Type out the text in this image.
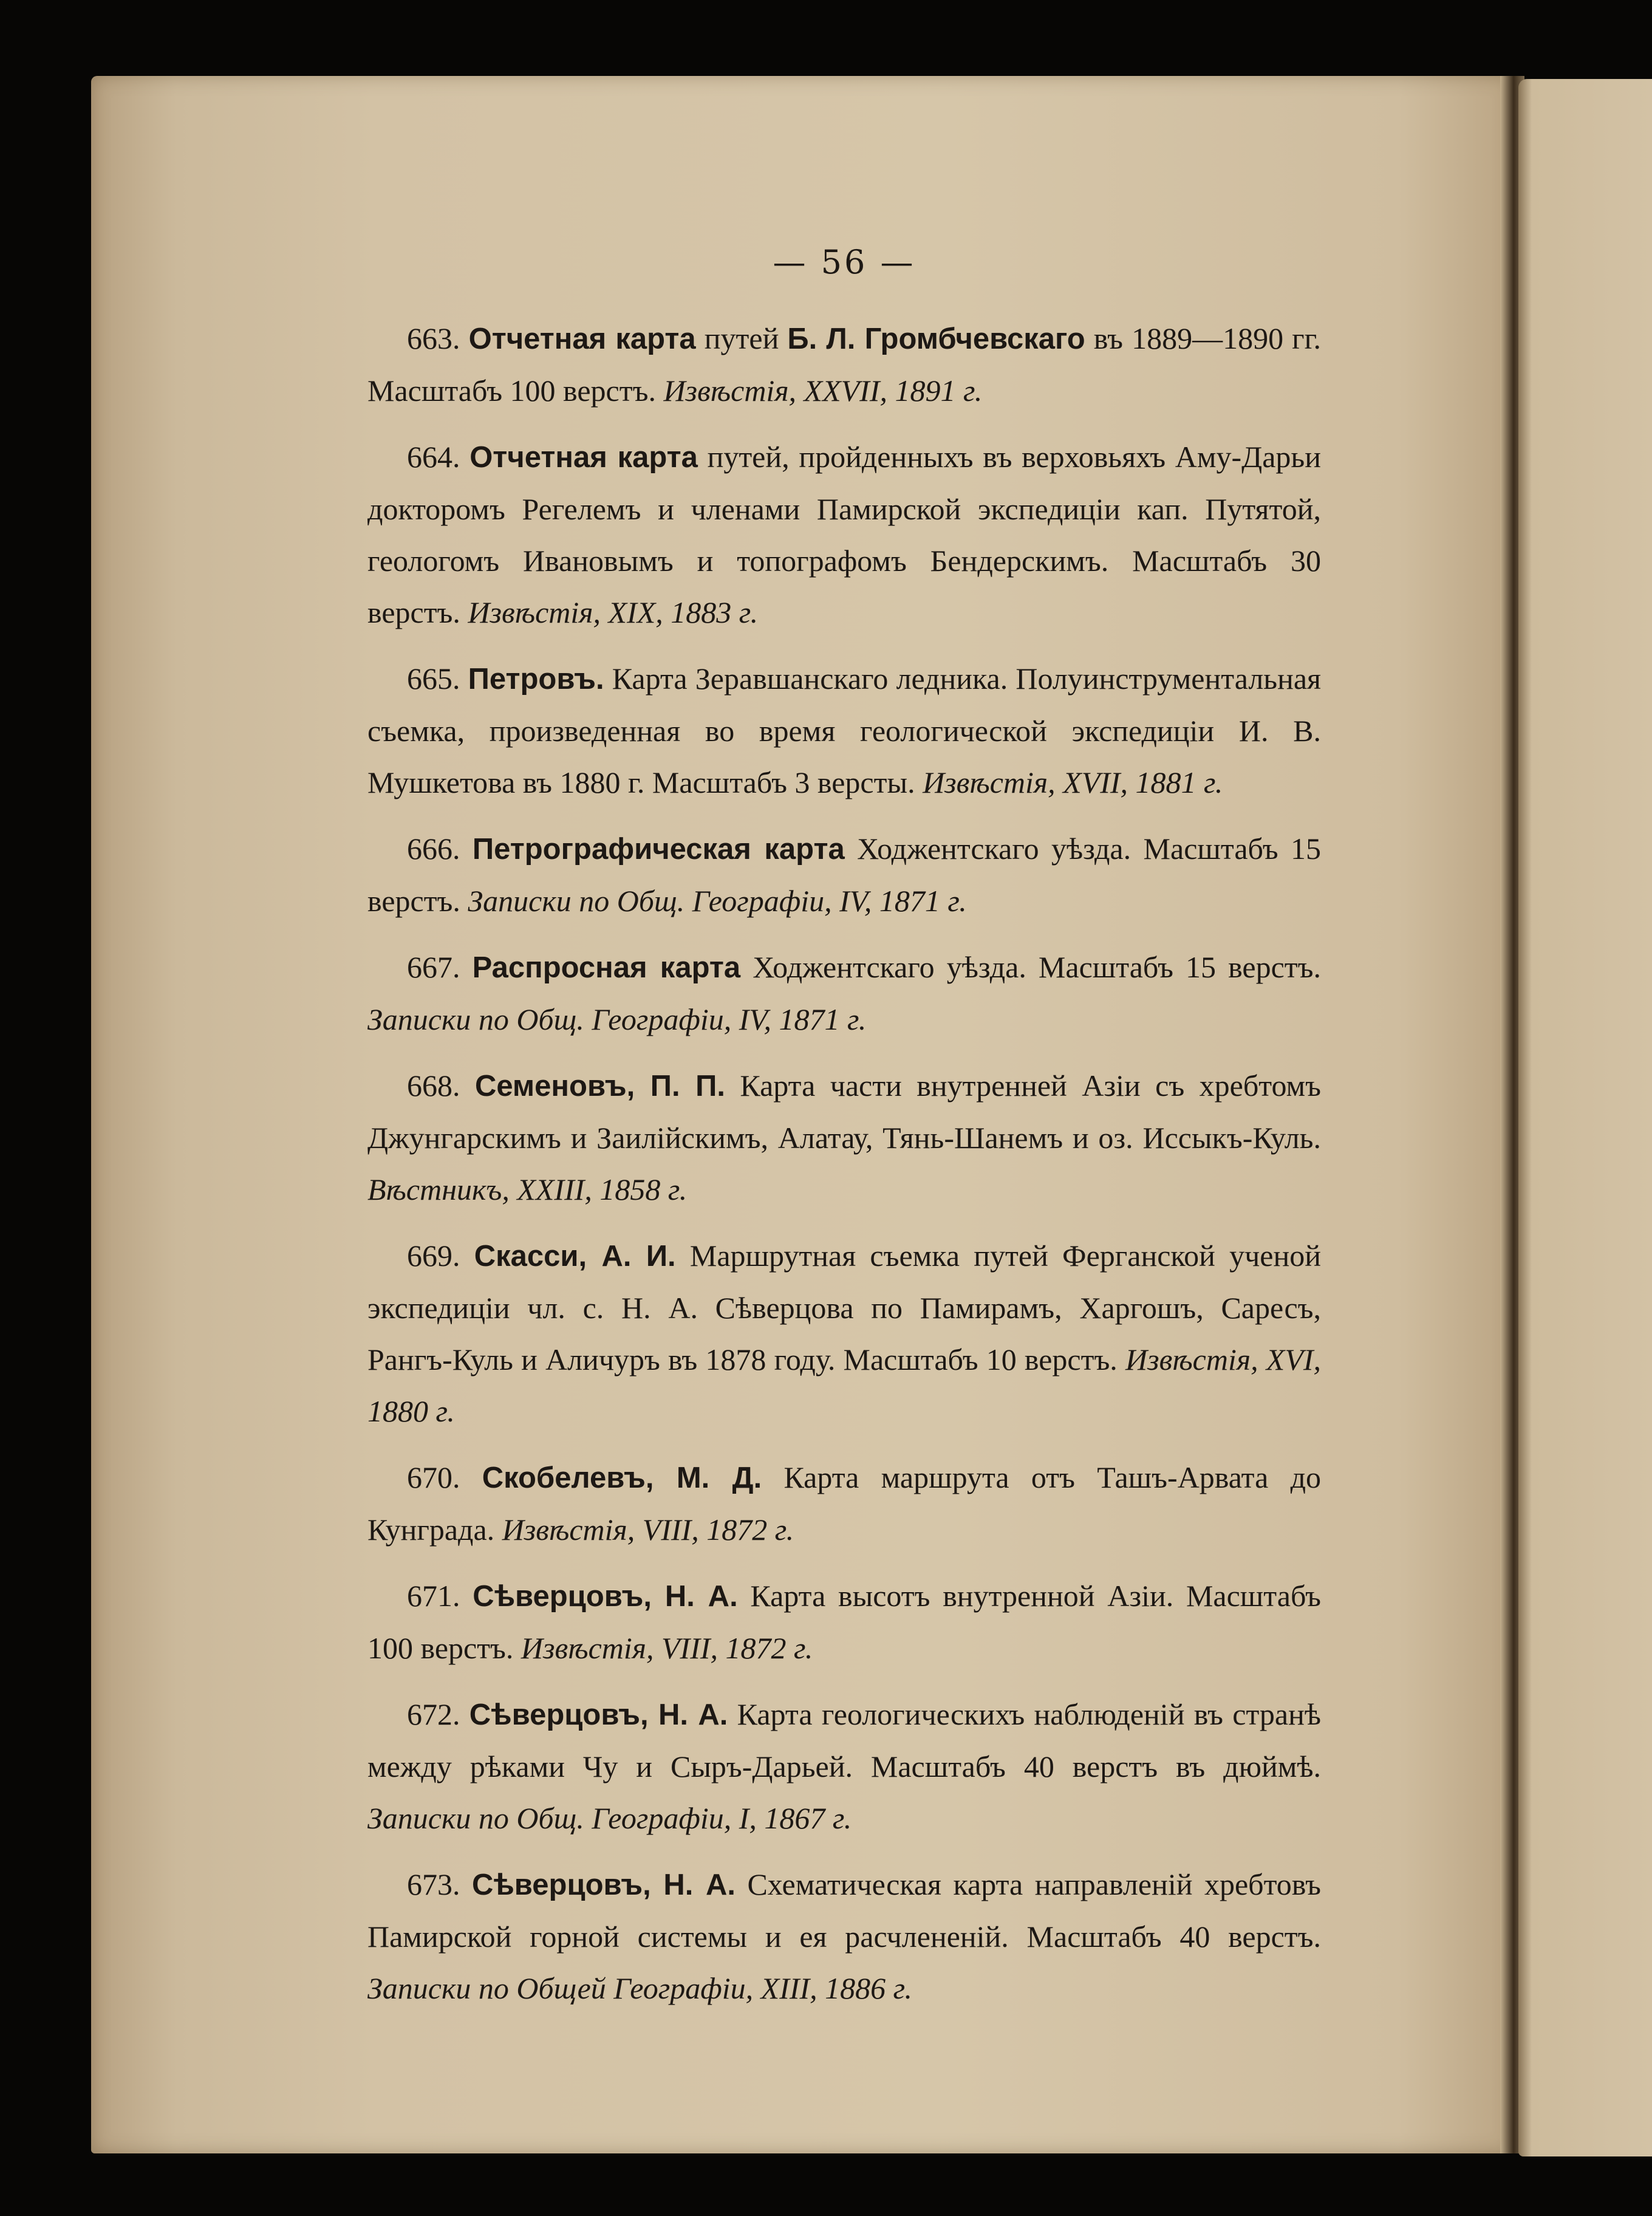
— 56 —

663. Отчетная карта путей Б. Л. Громбчевскаго въ 1889—1890 гг. Масштабъ 100 верстъ. Извѣстія, XXVII, 1891 г.

664. Отчетная карта путей, пройденныхъ въ верховьяхъ Аму-Дарьи докторомъ Регелемъ и членами Памирской экспедиціи кап. Путятой, геологомъ Ивановымъ и топографомъ Бендерскимъ. Масштабъ 30 верстъ. Извѣстія, XIX, 1883 г.

665. Петровъ. Карта Зеравшанскаго ледника. Полуинструментальная съемка, произведенная во время геологической экспедиціи И. В. Мушкетова въ 1880 г. Масштабъ 3 версты. Извѣстія, XVII, 1881 г.

666. Петрографическая карта Ходжентскаго уѣзда. Масштабъ 15 верстъ. Записки по Общ. Географіи, IV, 1871 г.

667. Распросная карта Ходжентскаго уѣзда. Масштабъ 15 верстъ. Записки по Общ. Географіи, IV, 1871 г.

668. Семеновъ, П. П. Карта части внутренней Азіи съ хребтомъ Джунгарскимъ и Заилійскимъ, Алатау, Тянь-Шанемъ и оз. Иссыкъ-Куль. Вѣстникъ, XXIII, 1858 г.

669. Скасси, А. И. Маршрутная съемка путей Ферганской ученой экспедиціи чл. с. Н. А. Сѣверцова по Памирамъ, Харгошъ, Саресъ, Рангъ-Куль и Аличуръ въ 1878 году. Масштабъ 10 верстъ. Извѣстія, XVI, 1880 г.

670. Скобелевъ, М. Д. Карта маршрута отъ Ташъ-Арвата до Кунграда. Извѣстія, VIII, 1872 г.

671. Сѣверцовъ, Н. А. Карта высотъ внутренной Азіи. Масштабъ 100 верстъ. Извѣстія, VIII, 1872 г.

672. Сѣверцовъ, Н. А. Карта геологическихъ наблюденій въ странѣ между рѣками Чу и Сыръ-Дарьей. Масштабъ 40 верстъ въ дюймѣ. Записки по Общ. Географіи, I, 1867 г.

673. Сѣверцовъ, Н. А. Схематическая карта направленій хребтовъ Памирской горной системы и ея расчлененій. Масштабъ 40 верстъ. Записки по Общей Географіи, XIII, 1886 г.
